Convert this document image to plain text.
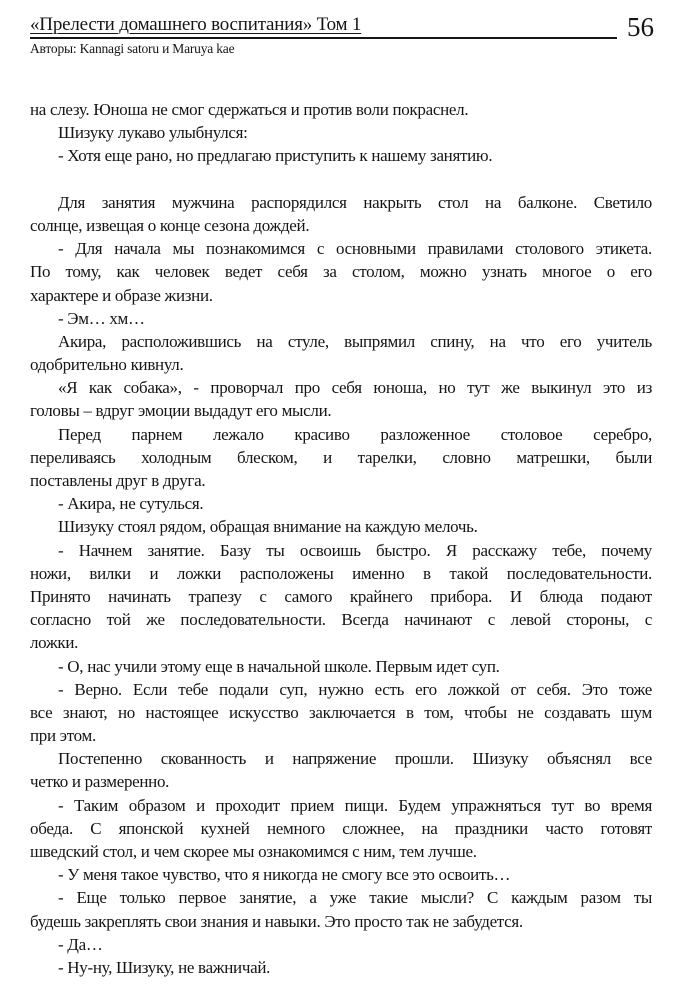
«Прелести домашнего воспитания» Том 1	56
Авторы: Kannagi satoru и Maruya kae
на слезу. Юноша не смог сдержаться и против воли покраснел.
Шизуку лукаво улыбнулся:
- Хотя еще рано, но предлагаю приступить к нашему занятию.
Для занятия мужчина распорядился накрыть стол на балконе. Светило
солнце, извещая о конце сезона дождей.
- Для начала мы познакомимся с основными правилами столового этикета.
По тому, как человек ведет себя за столом, можно узнать многое о его
характере и образе жизни.
- Эм… хм…
Акира, расположившись на стуле, выпрямил спину, на что его учитель
одобрительно кивнул.
«Я как собака», - проворчал про себя юноша, но тут же выкинул это из
головы – вдруг эмоции выдадут его мысли.
Перед парнем лежало красиво разложенное столовое серебро,
переливаясь холодным блеском, и тарелки, словно матрешки, были
поставлены друг в друга.
- Акира, не сутулься.
Шизуку стоял рядом, обращая внимание на каждую мелочь.
- Начнем занятие. Базу ты освоишь быстро. Я расскажу тебе, почему
ножи, вилки и ложки расположены именно в такой последовательности.
Принято начинать трапезу с самого крайнего прибора. И блюда подают
согласно той же последовательности. Всегда начинают с левой стороны, с
ложки.
- О, нас учили этому еще в начальной школе. Первым идет суп.
- Верно. Если тебе подали суп, нужно есть его ложкой от себя. Это тоже
все знают, но настоящее искусство заключается в том, чтобы не создавать шум
при этом.
Постепенно скованность и напряжение прошли. Шизуку объяснял все
четко и размеренно.
- Таким образом и проходит прием пищи. Будем упражняться тут во время
обеда. С японской кухней немного сложнее, на праздники часто готовят
шведский стол, и чем скорее мы ознакомимся с ним, тем лучше.
- У меня такое чувство, что я никогда не смогу все это освоить…
- Еще только первое занятие, а уже такие мысли? С каждым разом ты
будешь закреплять свои знания и навыки. Это просто так не забудется.
- Да…
- Ну-ну, Шизуку, не важничай.
